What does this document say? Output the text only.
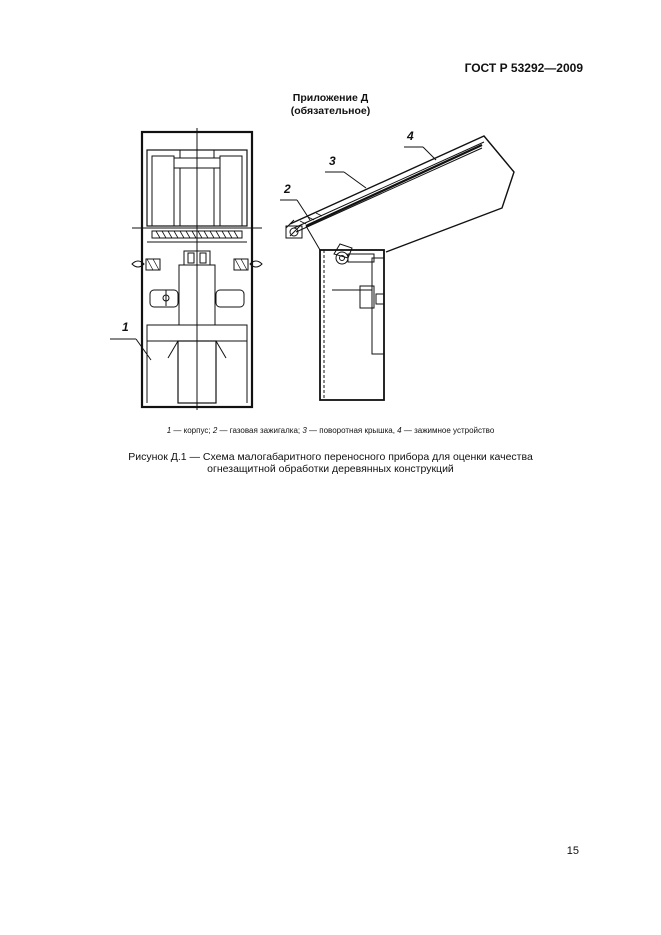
ГОСТ Р 53292—2009
Приложение Д
(обязательное)
1
2
3
4
1 — корпус; 2 — газовая зажигалка; 3 — поворотная крышка, 4 — зажимное устройство
Рисунок Д.1 — Схема малогабаритного переносного прибора для оценки качества
огнезащитной обработки деревянных конструкций
15
